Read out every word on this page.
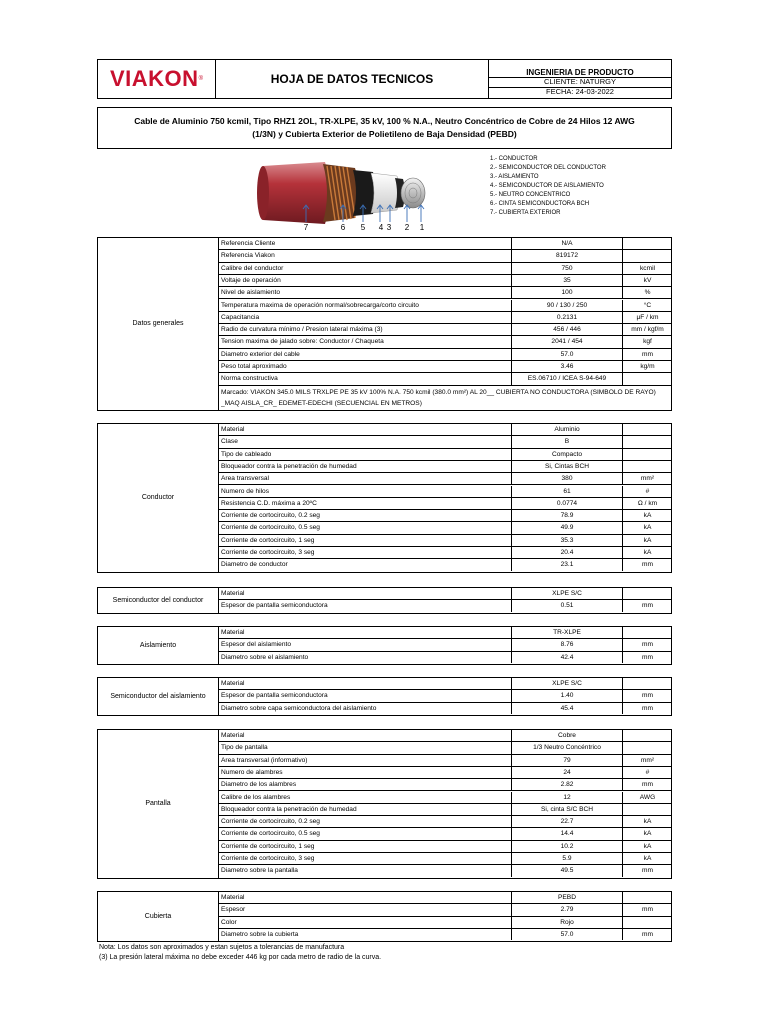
VIAKON ®	HOJA DE DATOS TECNICOS	INGENIERIA DE PRODUCTO
CLIENTE: NATURGY
FECHA: 24-03-2022
Cable de Aluminio 750 kcmil, Tipo RHZ1 2OL, TR-XLPE, 35 kV, 100 % N.A., Neutro Concéntrico de Cobre de 24 Hilos 12 AWG (1/3N) y Cubierta Exterior de Polietileno de Baja Densidad (PEBD)
7	6	5	4 3	2	1
1.- CONDUCTOR
2.- SEMICONDUCTOR DEL CONDUCTOR
3.- AISLAMIENTO
4.- SEMICONDUCTOR DE AISLAMIENTO
5.- NEUTRO CONCENTRICO
6.- CINTA SEMICONDUCTORA BCH
7.- CUBIERTA EXTERIOR
Datos generales
Referencia Cliente	N/A
Referencia Viakon	819172
Calibre del conductor	750	kcmil
Voltaje de operación	35	kV
Nivel de aislamiento	100	%
Temperatura maxima de operación normal/sobrecarga/corto circuito	90 / 130 / 250	°C
Capacitancia	0.2131	μF / km
Radio de curvatura mínimo / Presion lateral máxima (3)	456 / 446	mm / kgf/m
Tension maxima de jalado sobre: Conductor / Chaqueta	2041 / 454	kgf
Diametro exterior del cable	57.0	mm
Peso total aproximado	3.46	kg/m
Norma constructiva	ES.06710 / ICEA S-94-649
Marcado: VIAKON 345.0 MILS TRXLPE PE 35 kV 100% N.A. 750 kcmil (380.0 mm²) AL 20__ CUBIERTA NO CONDUCTORA (SIMBOLO DE RAYO) _MAQ AISLA_CR_ EDEMET-EDECHI (SECUENCIAL EN METROS)
Conductor
Material	Aluminio
Clase	B
Tipo de cableado	Compacto
Bloqueador contra la penetración de humedad	Si, Cintas BCH
Area transversal	380	mm²
Numero de hilos	61	#
Resistencia C.D. máxima a 20ºC	0.0774	Ω / km
Corriente de cortocircuito, 0.2 seg	78.9	kA
Corriente de cortocircuito, 0.5 seg	49.9	kA
Corriente de cortocircuito, 1 seg	35.3	kA
Corriente de cortocircuito, 3 seg	20.4	kA
Diametro de conductor	23.1	mm
Semiconductor del conductor
Material	XLPE S/C
Espesor de pantalla semiconductora	0.51	mm
Aislamiento
Material	TR-XLPE
Espesor del aislamiento	8.76	mm
Diametro sobre el aislamiento	42.4	mm
Semiconductor del aislamiento
Material	XLPE S/C
Espesor de pantalla semiconductora	1.40	mm
Diametro sobre capa semiconductora del aislamiento	45.4	mm
Pantalla
Material	Cobre
Tipo de pantalla	1/3 Neutro Concéntrico
Area transversal (informativo)	79	mm²
Numero de alambres	24	#
Diametro de los alambres	2.82	mm
Calibre de los alambres	12	AWG
Bloqueador contra la penetración de humedad	Si, cinta S/C BCH
Corriente de cortocircuito, 0.2 seg	22.7	kA
Corriente de cortocircuito, 0.5 seg	14.4	kA
Corriente de cortocircuito, 1 seg	10.2	kA
Corriente de cortocircuito, 3 seg	5.9	kA
Diametro sobre la pantalla	49.5	mm
Cubierta
Material	PEBD
Espesor	2.79	mm
Color	Rojo
Diametro sobre la cubierta	57.0	mm
Nota: Los datos son aproximados y estan sujetos a tolerancias de manufactura
(3) La presión lateral máxima no debe exceder 446 kg por cada metro de radio de la curva.
